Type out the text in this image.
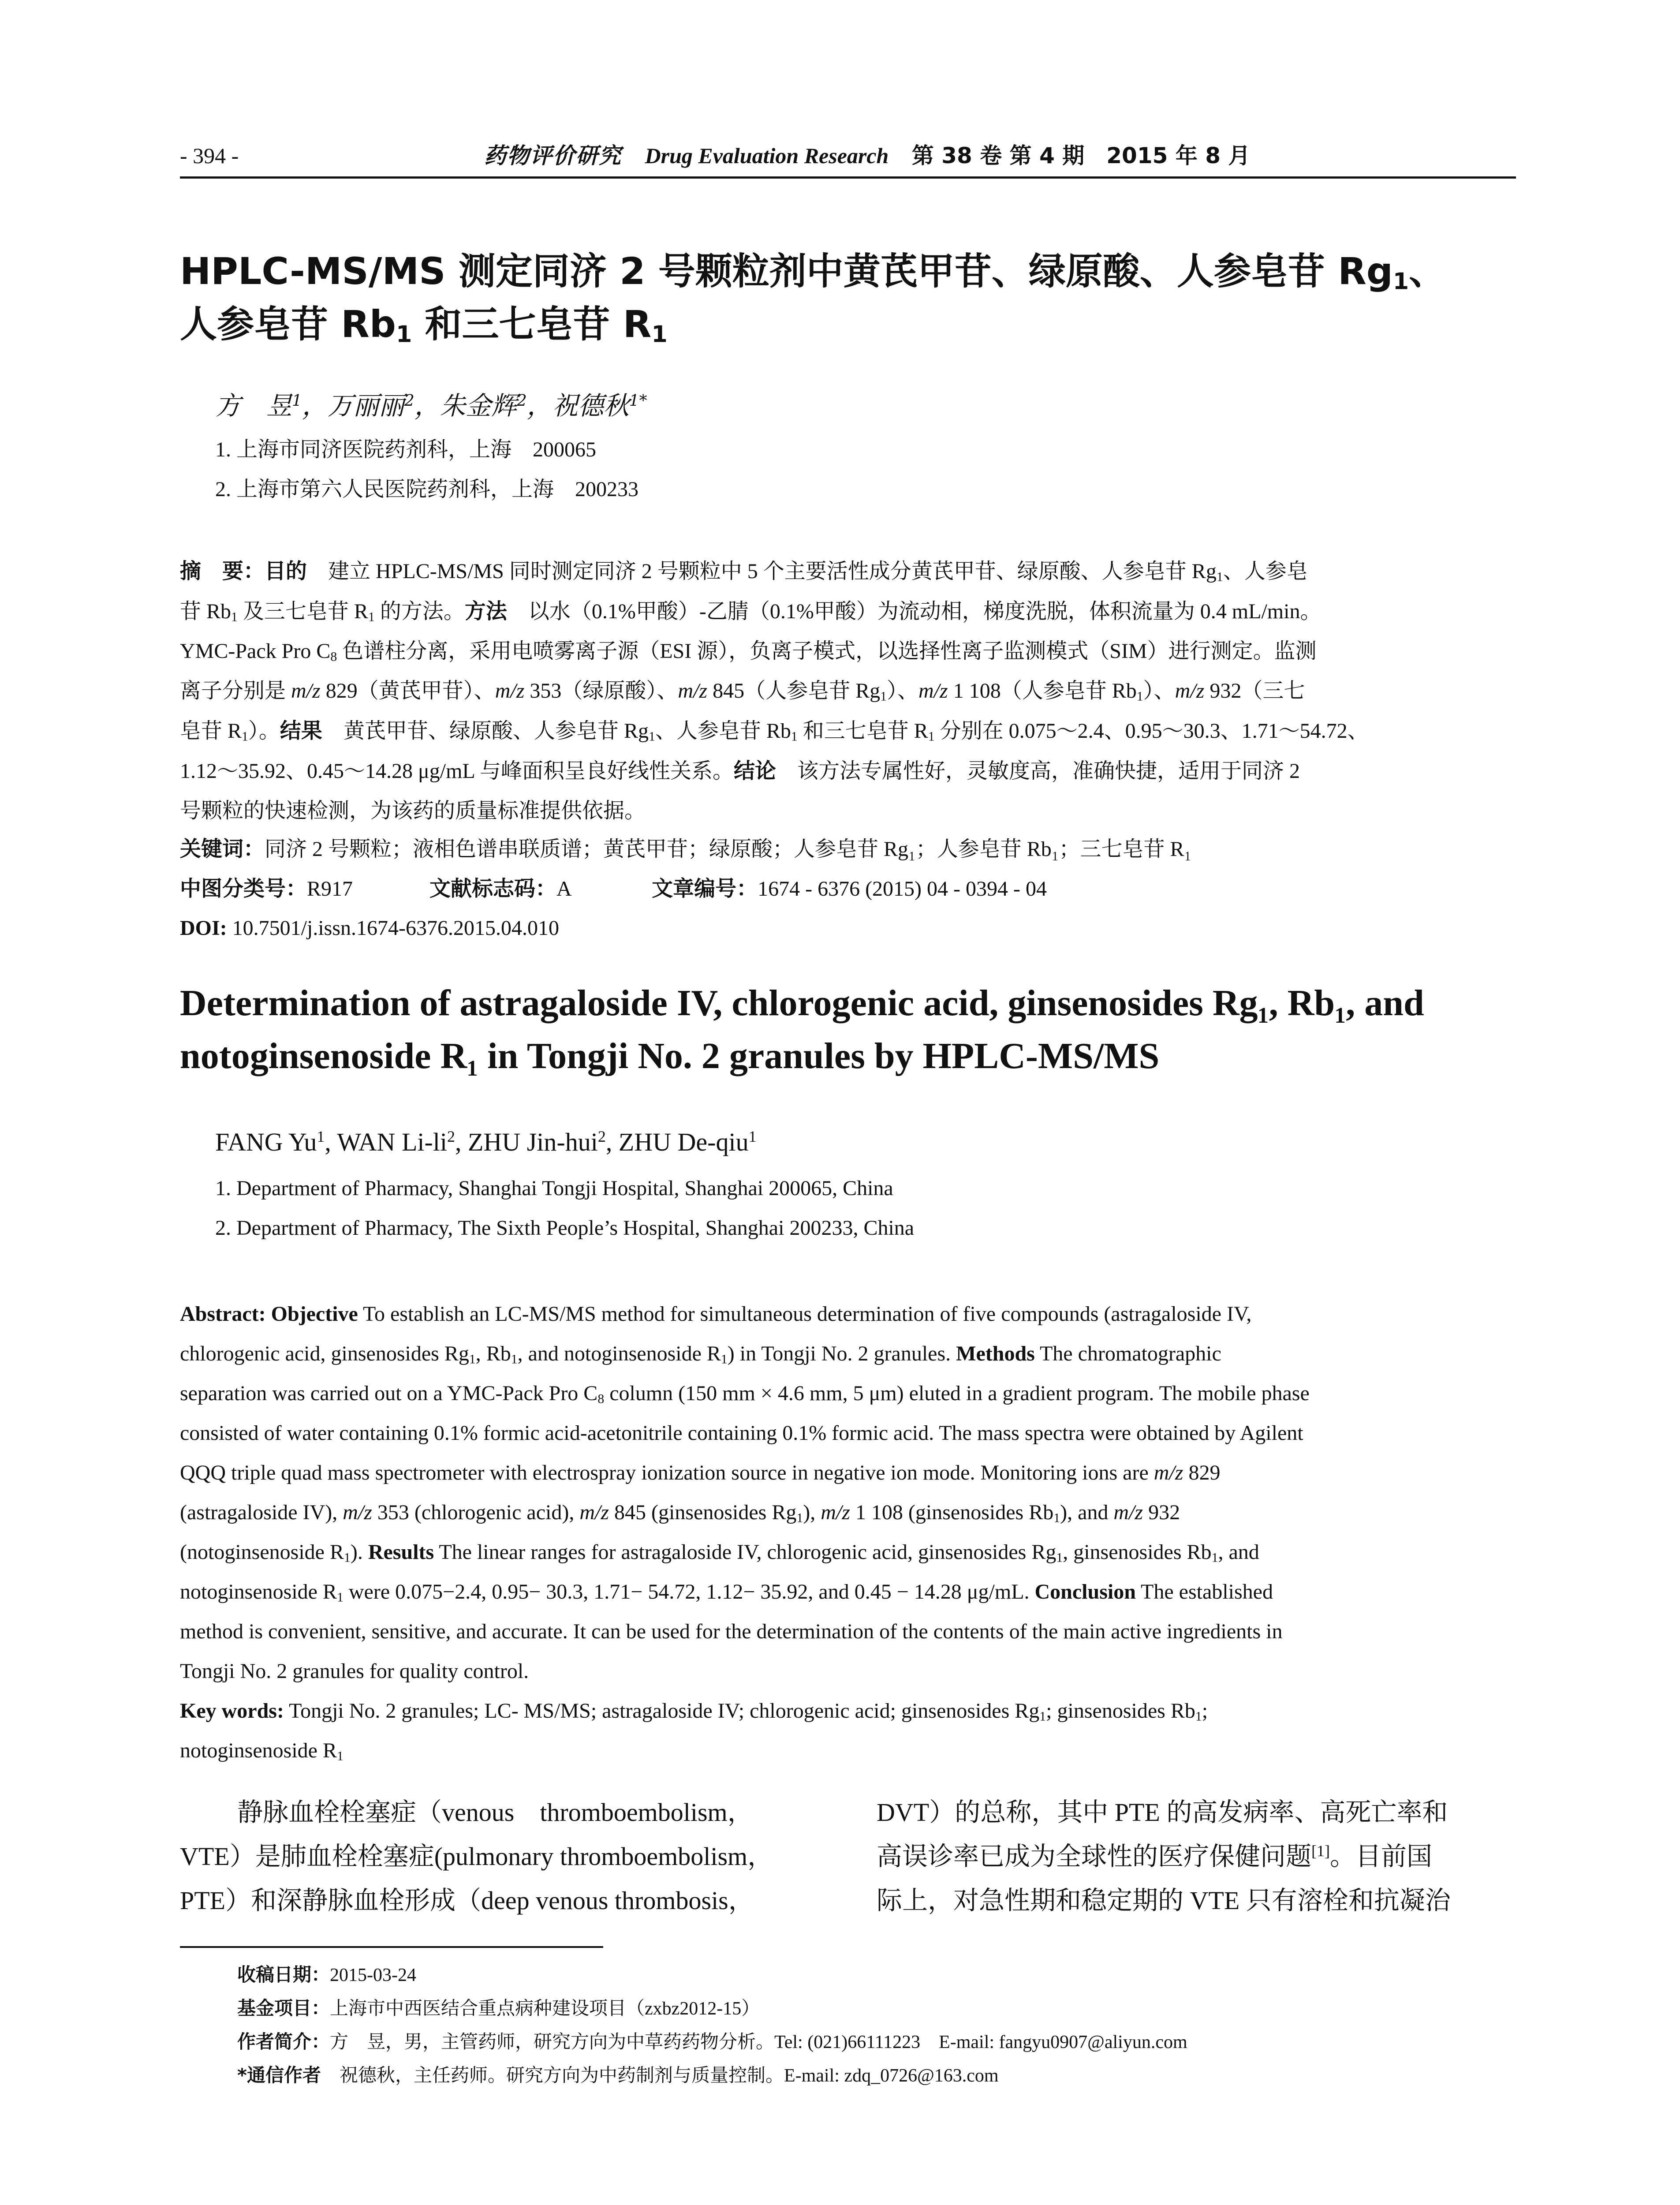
- 394 -	药物评价研究 Drug Evaluation Research 第 38 卷 第 4 期　2015 年 8 月
HPLC-MS/MS 测定同济 2 号颗粒剂中黄芪甲苷、绿原酸、人参皂苷 $Rg_1$、
人参皂苷 $Rb_1$ 和三七皂苷 $R_1$
方　昱$^1$，万丽丽$^2$，朱金辉$^2$，祝德秋$^{1*}$
1. 上海市同济医院药剂科，上海　200065
2. 上海市第六人民医院药剂科，上海　200233
摘　要：目的　建立 HPLC-MS/MS 同时测定同济 2 号颗粒中 5 个主要活性成分黄芪甲苷、绿原酸、人参皂苷 $Rg_1$、人参皂
苷 $Rb_1$ 及三七皂苷 $R_1$ 的方法。方法　以水（0.1%甲酸）-乙腈（0.1%甲酸）为流动相，梯度洗脱，体积流量为 0.4 mL/min。
YMC-Pack Pro $C_8$ 色谱柱分离，采用电喷雾离子源（ESI 源），负离子模式，以选择性离子监测模式（SIM）进行测定。监测
离子分别是 m/z 829（黄芪甲苷）、m/z 353（绿原酸）、m/z 845（人参皂苷 $Rg_1$）、m/z 1 108（人参皂苷 $Rb_1$）、m/z 932（三七
皂苷 $R_1$）。结果　黄芪甲苷、绿原酸、人参皂苷 $Rg_1$、人参皂苷 $Rb_1$ 和三七皂苷 $R_1$ 分别在 0.075～2.4、0.95～30.3、1.71～54.72、
1.12～35.92、0.45～14.28 μg/mL 与峰面积呈良好线性关系。结论　该方法专属性好，灵敏度高，准确快捷，适用于同济 2
号颗粒的快速检测，为该药的质量标准提供依据。
关键词：同济 2 号颗粒；液相色谱串联质谱；黄芪甲苷；绿原酸；人参皂苷 Rg₁；人参皂苷 Rb₁；三七皂苷 R₁
中图分类号：R917	文献标志码：A	文章编号：1674 - 6376 (2015) 04 - 0394 - 04
DOI: 10.7501/j.issn.1674-6376.2015.04.010
Determination of astragaloside IV, chlorogenic acid, ginsenosides Rg₁, Rb₁, and
notoginsenoside R₁ in Tongji No. 2 granules by HPLC-MS/MS
FANG Yu$^1$, WAN $Li-li^2$, ZHU Jin-hui$^2$, ZHU De-qiu$^1$
1. Department of Pharmacy, Shanghai Tongji Hospital, Shanghai 200065, China
2. Department of Pharmacy, The Sixth People’s Hospital, Shanghai 200233, China
Abstract: Objective To establish an LC-MS/MS method for simultaneous determination of five compounds (astragaloside IV,
chlorogenic acid, ginsenosides $Rg_1$, $Rb_1$, and notoginsenoside $R_1$) in Tongji No. 2 granules. Methods The chromatographic
separation was carried out on a YMC-Pack Pro $C_8$ column (150 mm × 4.6 mm, 5 μm) eluted in a gradient program. The mobile phase
consisted of water containing 0.1% formic acid-acetonitrile containing 0.1% formic acid. The mass spectra were obtained by Agilent
QQQ triple quad mass spectrometer with electrospray ionization source in negative ion mode. Monitoring ions are m/z 829
(astragaloside IV), m/z 353 (chlorogenic acid), m/z 845 (ginsenosides $Rg_1$), m/z 1 108 (ginsenosides $Rb_1$), and m/z 932
(notoginsenoside $R_1$). Results The linear ranges for astragaloside IV, chlorogenic acid, ginsenosides $Rg_1$, ginsenosides $Rb_1$, and
notoginsenoside $R_1$ were 0.075−2.4, 0.95− 30.3, 1.71− 54.72, 1.12− 35.92, and 0.45 − 14.28 μg/mL. Conclusion The established
method is convenient, sensitive, and accurate. It can be used for the determination of the contents of the main active ingredients in
Tongji No. 2 granules for quality control.
Key words: Tongji No. 2 granules; LC- MS/MS; astragaloside IV; chlorogenic acid; ginsenosides $Rg_1$; ginsenosides $Rb_1$;
notoginsenoside $R_1$
静脉血栓栓塞症（venous　thromboembolism，
VTE）是肺血栓栓塞症(pulmonary thromboembolism，
PTE）和深静脉血栓形成（deep venous thrombosis，
DVT）的总称，其中 PTE 的高发病率、高死亡率和
高误诊率已成为全球性的医疗保健问题[1]。目前国
际上，对急性期和稳定期的 VTE 只有溶栓和抗凝治
收稿日期：2015-03-24
基金项目：上海市中西医结合重点病种建设项目（zxbz2012-15）
作者简介：方　昱，男，主管药师，研究方向为中草药药物分析。Tel: (021)66111223　E-mail: fangyu0907@aliyun.com
*通信作者　祝德秋，主任药师。研究方向为中药制剂与质量控制。E-mail: zdq_0726@163.com
